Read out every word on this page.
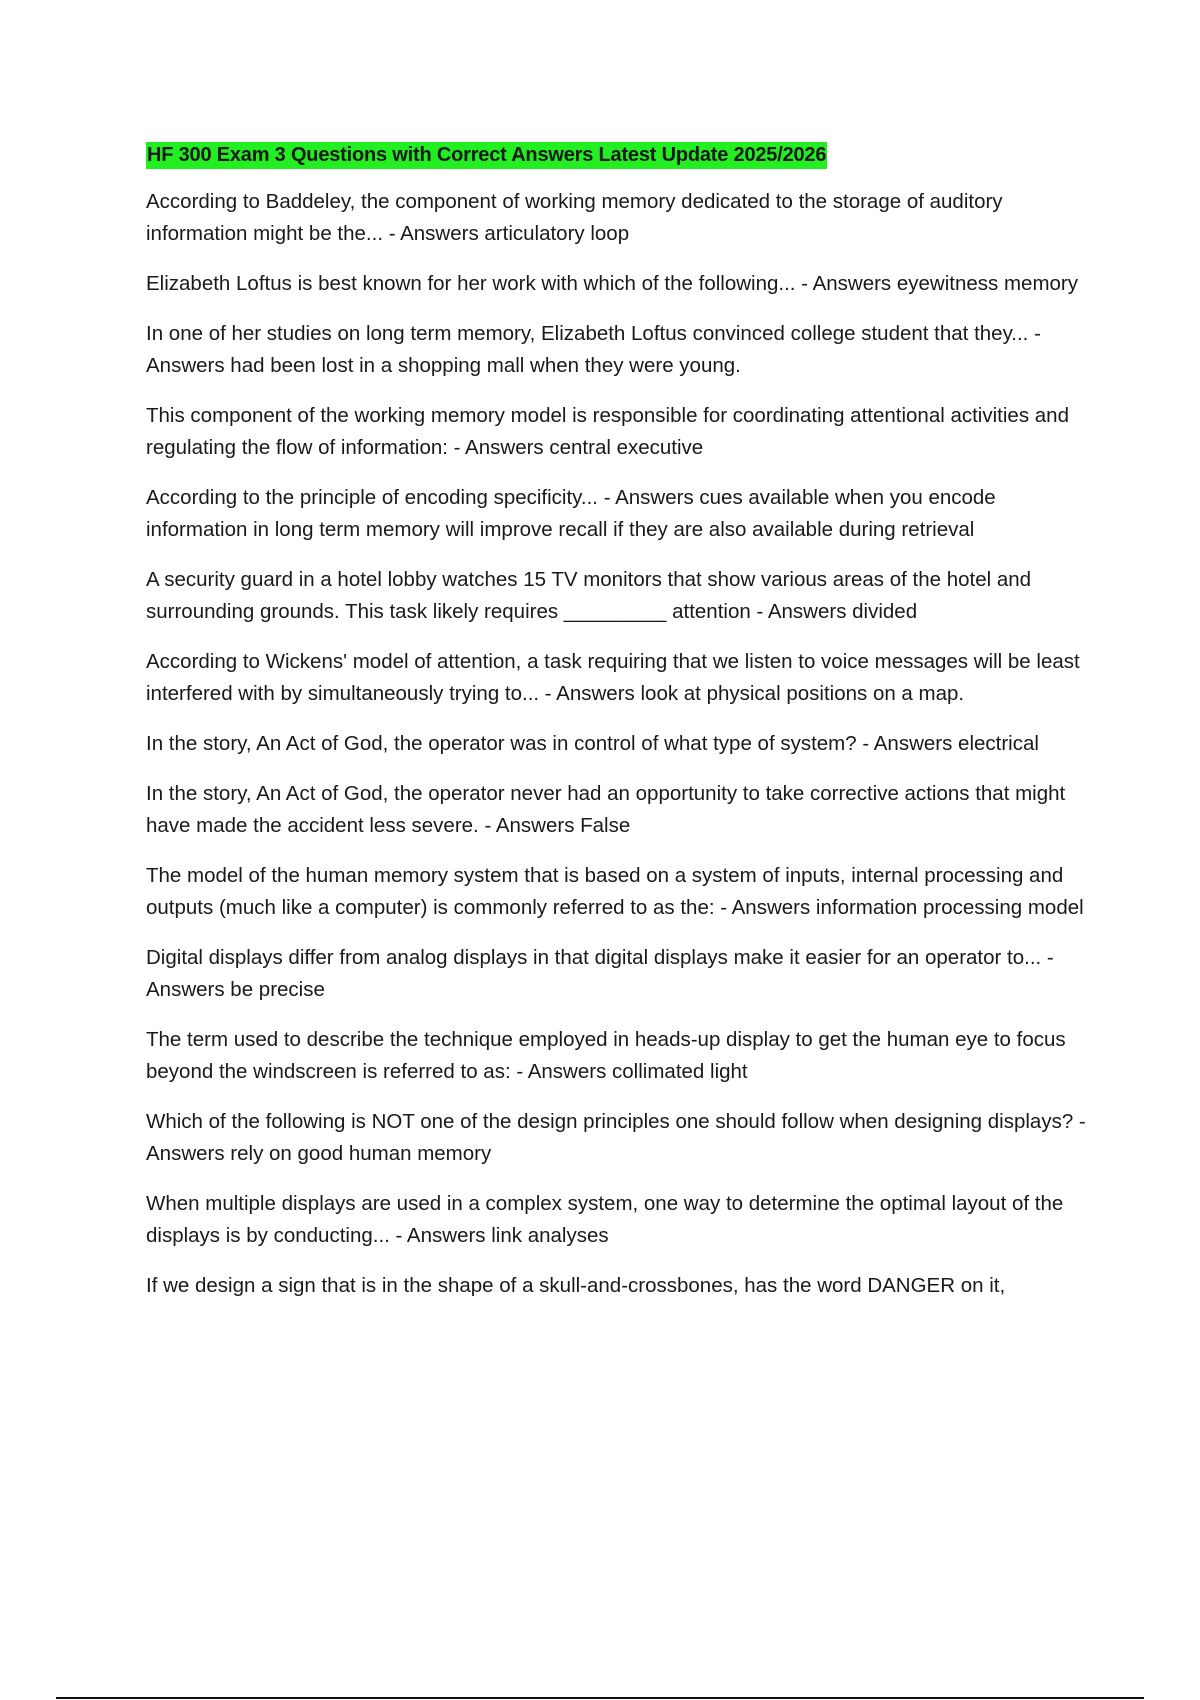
HF 300 Exam 3 Questions with Correct Answers Latest Update 2025/2026

According to Baddeley, the component of working memory dedicated to the storage of auditory information might be the... - Answers articulatory loop

Elizabeth Loftus is best known for her work with which of the following... - Answers eyewitness memory

In one of her studies on long term memory, Elizabeth Loftus convinced college student that they... - Answers had been lost in a shopping mall when they were young.

This component of the working memory model is responsible for coordinating attentional activities and regulating the flow of information: - Answers central executive

According to the principle of encoding specificity... - Answers cues available when you encode information in long term memory will improve recall if they are also available during retrieval

A security guard in a hotel lobby watches 15 TV monitors that show various areas of the hotel and surrounding grounds. This task likely requires _________ attention - Answers divided

According to Wickens' model of attention, a task requiring that we listen to voice messages will be least interfered with by simultaneously trying to... - Answers look at physical positions on a map.

In the story, An Act of God, the operator was in control of what type of system? - Answers electrical

In the story, An Act of God, the operator never had an opportunity to take corrective actions that might have made the accident less severe. - Answers False

The model of the human memory system that is based on a system of inputs, internal processing and outputs (much like a computer) is commonly referred to as the: - Answers information processing model

Digital displays differ from analog displays in that digital displays make it easier for an operator to... - Answers be precise

The term used to describe the technique employed in heads-up display to get the human eye to focus beyond the windscreen is referred to as: - Answers collimated light

Which of the following is NOT one of the design principles one should follow when designing displays? - Answers rely on good human memory

When multiple displays are used in a complex system, one way to determine the optimal layout of the displays is by conducting... - Answers link analyses

If we design a sign that is in the shape of a skull-and-crossbones, has the word DANGER on it,
